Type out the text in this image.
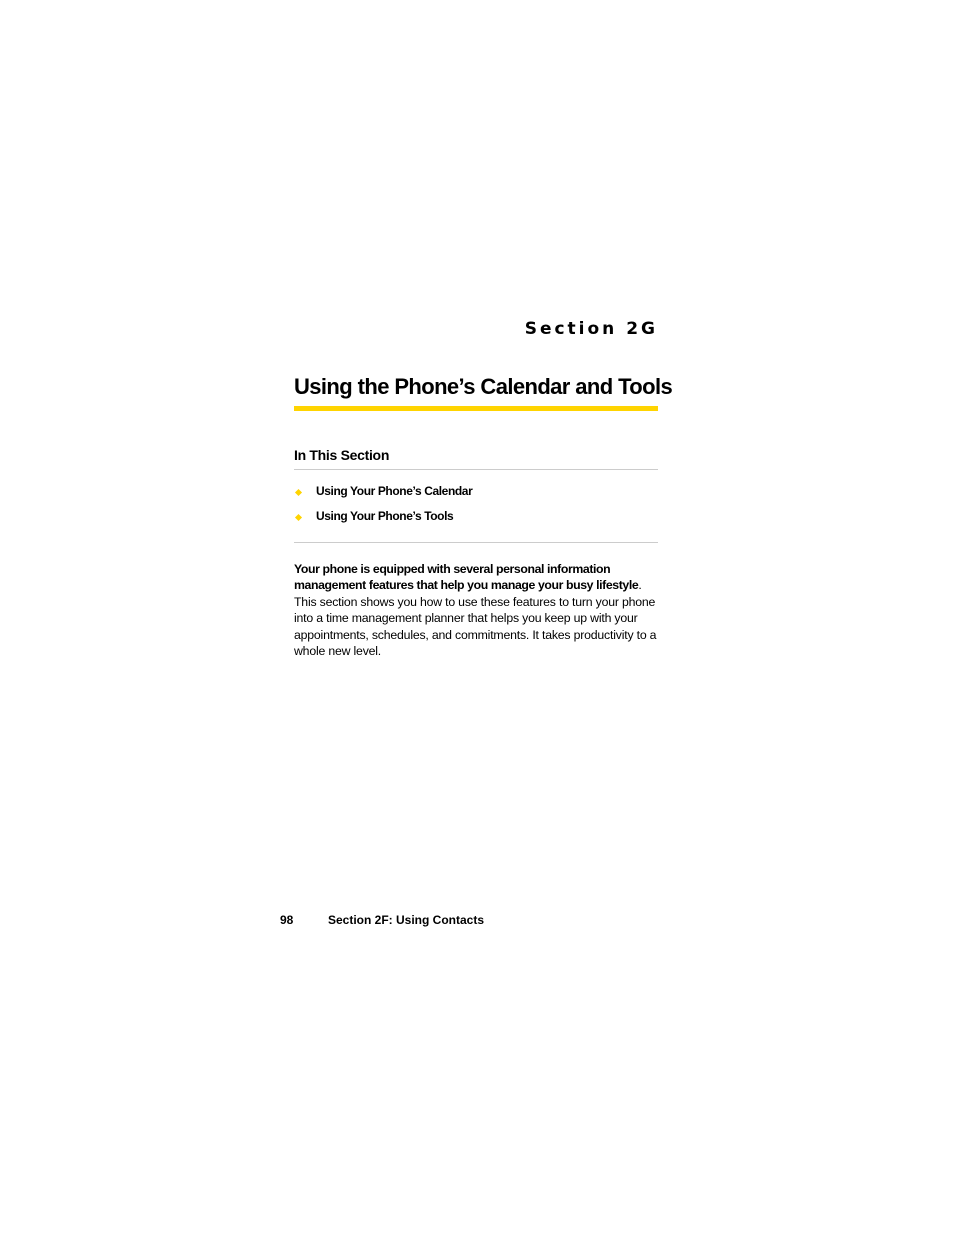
Section 2G
Using the Phone’s Calendar and Tools
In This Section
Using Your Phone’s Calendar
Using Your Phone’s Tools
Your phone is equipped with several personal information management features that help you manage your busy lifestyle. This section shows you how to use these features to turn your phone into a time management planner that helps you keep up with your appointments, schedules, and commitments. It takes productivity to a whole new level.
98	Section 2F: Using Contacts
